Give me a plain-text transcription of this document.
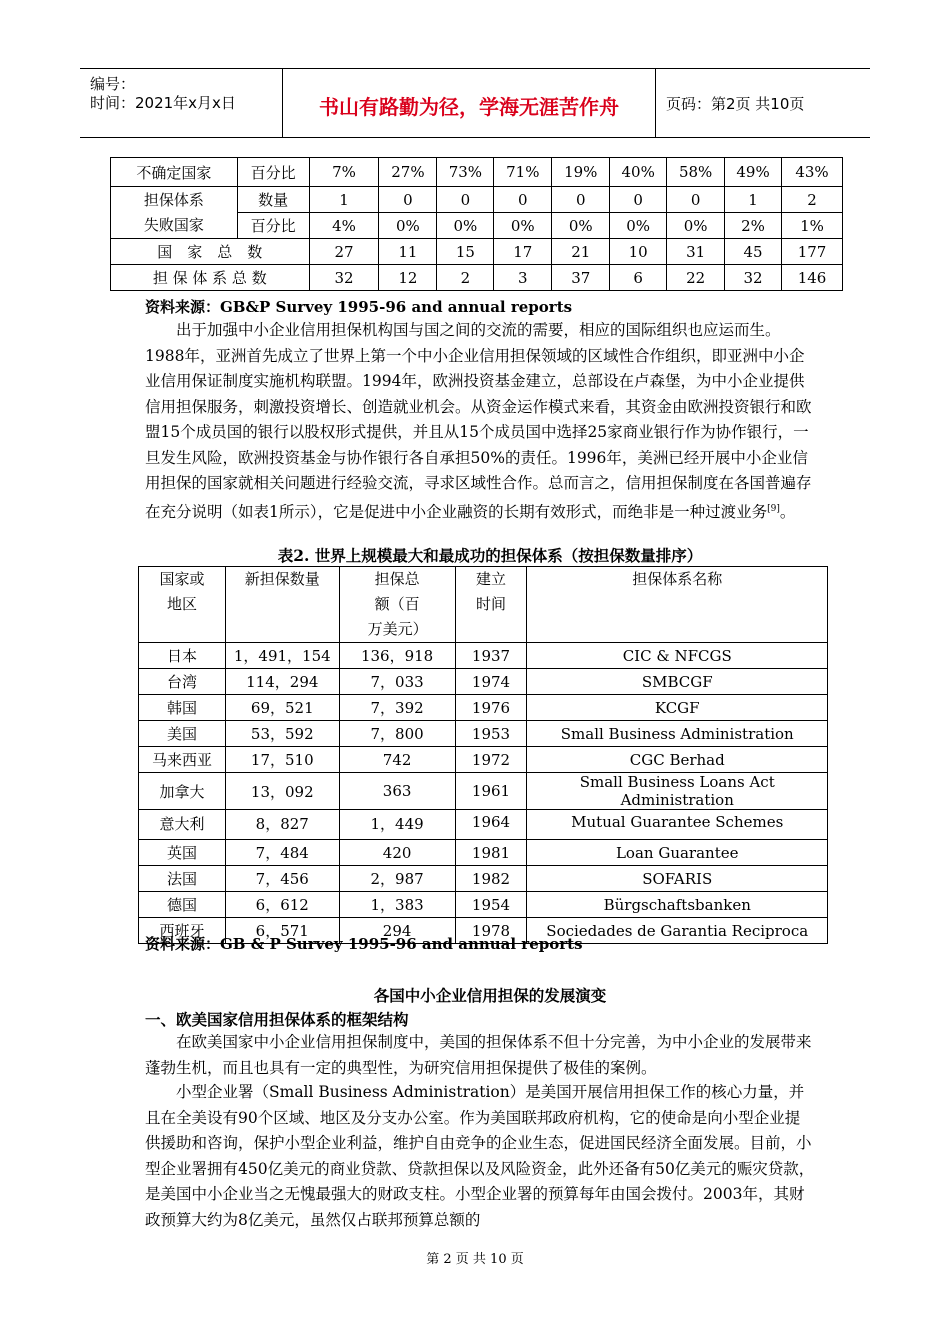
编号：
时间：2021年x月x日	书山有路勤为径，学海无涯苦作舟	页码：第2页 共10页
不确定国家	百分比	7%	27%	73%	71%	19%	40%	58%	49%	43%

担保体系
失败国家	数量	1	0	0	0	0	0	0	1	2
	百分比	4%	0%	0%	0%	0%	0%	0%	2%	1%
国　家　总　数		27	11	15	17	21	10	31	45	177
担 保 体 系 总 数		32	12	2	3	37	6	22	32	146
资料来源：GB&P Survey 1995-96 and annual reports

出于加强中小企业信用担保机构国与国之间的交流的需要，相应的国际组织也应运而生。1988年，亚洲首先成立了世界上第一个中小企业信用担保领域的区域性合作组织，即亚洲中小企业信用保证制度实施机构联盟。1994年，欧洲投资基金建立，总部设在卢森堡，为中小企业提供信用担保服务，刺激投资增长、创造就业机会。从资金运作模式来看，其资金由欧洲投资银行和欧盟15个成员国的银行以股权形式提供，并且从15个成员国中选择25家商业银行作为协作银行，一旦发生风险，欧洲投资基金与协作银行各自承担50%的责任。1996年，美洲已经开展中小企业信用担保的国家就相关问题进行经验交流，寻求区域性合作。总而言之，信用担保制度在各国普遍存在充分说明（如表1所示），它是促进中小企业融资的长期有效形式，而绝非是一种过渡业务[9]。

表2. 世界上规模最大和最成功的担保体系（按担保数量排序）
国家或地区	新担保数量	担保总额（百万美元）	建立时间	担保体系名称
日本	1，491，154	136，918	1937	CIC & NFCGS
台湾	114，294	7，033	1974	SMBCGF
韩国	69，521	7，392	1976	KCGF
美国	53，592	7，800	1953	Small Business Administration
马来西亚	17，510	742	1972	CGC Berhad
加拿大	13，092	363	1961	Small Business Loans Act Administration
意大利	8，827	1，449	1964	Mutual Guarantee Schemes
英国	7，484	420	1981	Loan Guarantee
法国	7，456	2，987	1982	SOFARIS
德国	6，612	1，383	1954	Bürgschaftsbanken
西班牙	6，571	294	1978	Sociedades de Garantia Reciproca
资料来源：GB & P Survey 1995-96 and annual reports
各国中小企业信用担保的发展演变
一、欧美国家信用担保体系的框架结构

在欧美国家中小企业信用担保制度中，美国的担保体系不但十分完善，为中小企业的发展带来蓬勃生机，而且也具有一定的典型性，为研究信用担保提供了极佳的案例。

小型企业署（Small Business Administration）是美国开展信用担保工作的核心力量，并且在全美设有90个区域、地区及分支办公室。作为美国联邦政府机构，它的使命是向小型企业提供援助和咨询，保护小型企业利益，维护自由竞争的企业生态，促进国民经济全面发展。目前，小型企业署拥有450亿美元的商业贷款、贷款担保以及风险资金，此外还备有50亿美元的赈灾贷款，是美国中小企业当之无愧最强大的财政支柱。小型企业署的预算每年由国会拨付。2003年，其财政预算大约为8亿美元，虽然仅占联邦预算总额的

第 2 页 共 10 页
